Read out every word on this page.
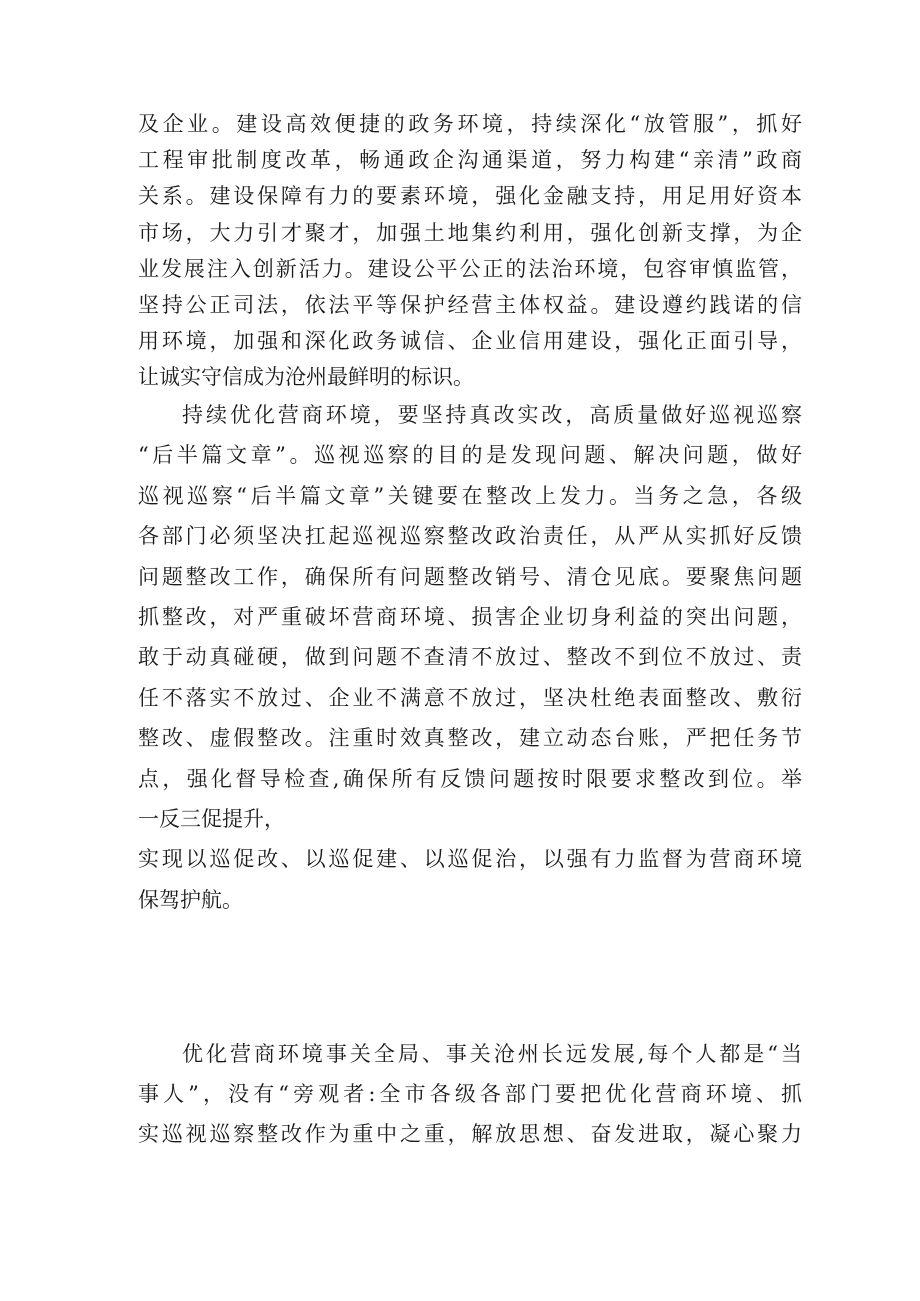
及企业。建设高效便捷的政务环境，持续深化“放管服”，抓好
工程审批制度改革，畅通政企沟通渠道，努力构建“亲清”政商
关系。建设保障有力的要素环境，强化金融支持，用足用好资本
市场，大力引才聚才，加强土地集约利用，强化创新支撑，为企
业发展注入创新活力。建设公平公正的法治环境，包容审慎监管，
坚持公正司法，依法平等保护经营主体权益。建设遵约践诺的信
用环境，加强和深化政务诚信、企业信用建设，强化正面引导，
让诚实守信成为沧州最鲜明的标识。
持续优化营商环境，要坚持真改实改，高质量做好巡视巡察
“后半篇文章”。巡视巡察的目的是发现问题、解决问题，做好
巡视巡察“后半篇文章”关键要在整改上发力。当务之急，各级
各部门必须坚决扛起巡视巡察整改政治责任，从严从实抓好反馈
问题整改工作，确保所有问题整改销号、清仓见底。要聚焦问题
抓整改，对严重破坏营商环境、损害企业切身利益的突出问题，
敢于动真碰硬，做到问题不查清不放过、整改不到位不放过、责
任不落实不放过、企业不满意不放过，坚决杜绝表面整改、敷衍
整改、虚假整改。注重时效真整改，建立动态台账，严把任务节
点，强化督导检查,确保所有反馈问题按时限要求整改到位。举
一反三促提升，
实现以巡促改、以巡促建、以巡促治，以强有力监督为营商环境
保驾护航。
优化营商环境事关全局、事关沧州长远发展,每个人都是“当
事人”，没有“旁观者:全市各级各部门要把优化营商环境、抓
实巡视巡察整改作为重中之重，解放思想、奋发进取，凝心聚力
